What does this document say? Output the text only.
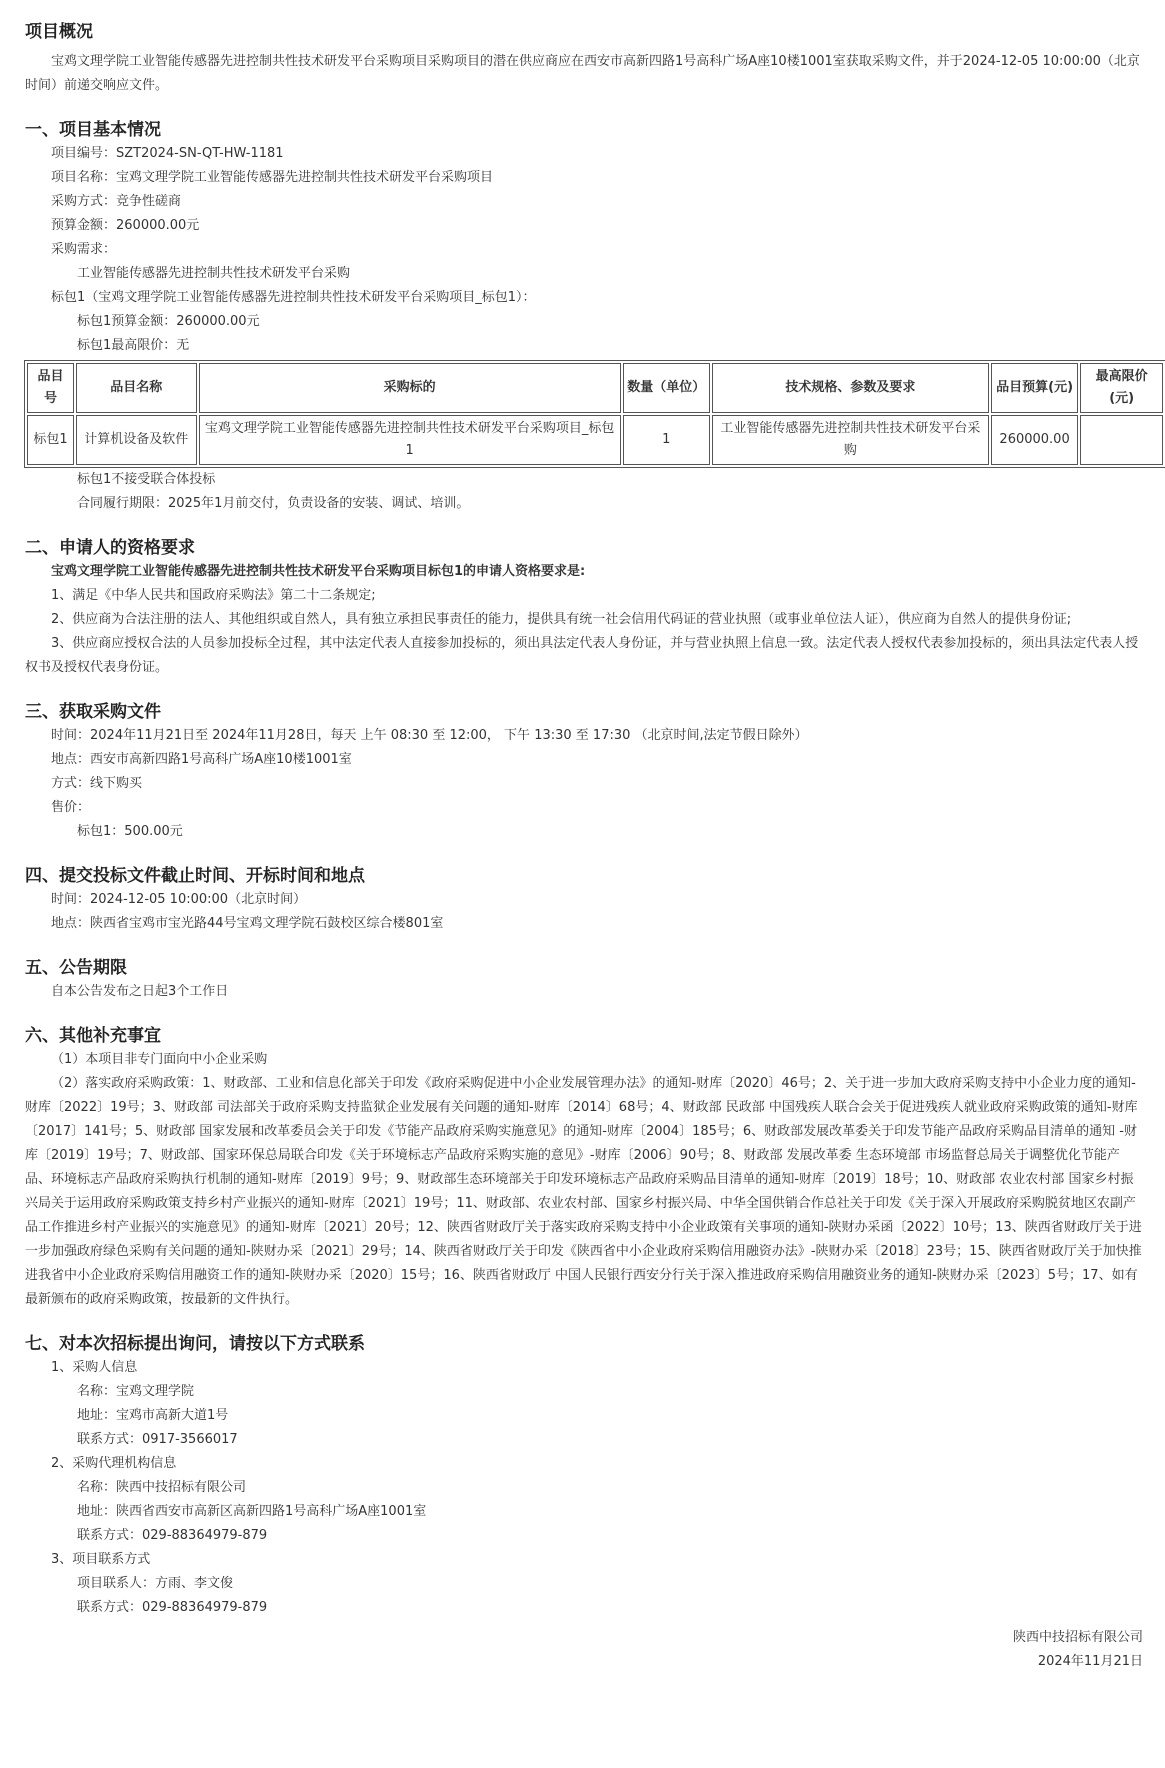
项目概况

宝鸡文理学院工业智能传感器先进控制共性技术研发平台采购项目采购项目的潜在供应商应在西安市高新四路1号高科广场A座10楼1001室获取采购文件，并于2024-12-05 10:00:00（北京时间）前递交响应文件。

一、项目基本情况

项目编号：SZT2024-SN-QT-HW-1181

项目名称：宝鸡文理学院工业智能传感器先进控制共性技术研发平台采购项目

采购方式：竞争性磋商

预算金额：260000.00元

采购需求：

工业智能传感器先进控制共性技术研发平台采购

标包1（宝鸡文理学院工业智能传感器先进控制共性技术研发平台采购项目_标包1）：

标包1预算金额：260000.00元

标包1最高限价：无

品目号	品目名称	采购标的	数量（单位）	技术规格、参数及要求	品目预算(元)	最高限价(元)
标包1	计算机设备及软件	宝鸡文理学院工业智能传感器先进控制共性技术研发平台采购项目_标包1	1	工业智能传感器先进控制共性技术研发平台采购	260000.00	

标包1不接受联合体投标

合同履行期限：2025年1月前交付，负责设备的安装、调试、培训。

二、申请人的资格要求

宝鸡文理学院工业智能传感器先进控制共性技术研发平台采购项目标包1的申请人资格要求是:

1、满足《中华人民共和国政府采购法》第二十二条规定;

2、供应商为合法注册的法人、其他组织或自然人，具有独立承担民事责任的能力，提供具有统一社会信用代码证的营业执照（或事业单位法人证），供应商为自然人的提供身份证;

3、供应商应授权合法的人员参加投标全过程，其中法定代表人直接参加投标的，须出具法定代表人身份证，并与营业执照上信息一致。法定代表人授权代表参加投标的，须出具法定代表人授权书及授权代表身份证。

三、获取采购文件

时间：2024年11月21日至 2024年11月28日，每天 上午 08:30 至 12:00， 下午 13:30 至 17:30 （北京时间,法定节假日除外）

地点：西安市高新四路1号高科广场A座10楼1001室

方式：线下购买

售价：

标包1：500.00元

四、提交投标文件截止时间、开标时间和地点

时间：2024-12-05 10:00:00（北京时间）

地点：陕西省宝鸡市宝光路44号宝鸡文理学院石鼓校区综合楼801室

五、公告期限

自本公告发布之日起3个工作日

六、其他补充事宜

（1）本项目非专门面向中小企业采购

（2）落实政府采购政策：1、财政部、工业和信息化部关于印发《政府采购促进中小企业发展管理办法》的通知-财库〔2020〕46号；2、关于进一步加大政府采购支持中小企业力度的通知-财库〔2022〕19号；3、财政部 司法部关于政府采购支持监狱企业发展有关问题的通知-财库〔2014〕68号；4、财政部 民政部 中国残疾人联合会关于促进残疾人就业政府采购政策的通知-财库〔2017〕141号；5、财政部 国家发展和改革委员会关于印发《节能产品政府采购实施意见》的通知-财库〔2004〕185号；6、财政部发展改革委关于印发节能产品政府采购品目清单的通知 -财库〔2019〕19号；7、财政部、国家环保总局联合印发《关于环境标志产品政府采购实施的意见》-财库〔2006〕90号；8、财政部 发展改革委 生态环境部 市场监督总局关于调整优化节能产品、环境标志产品政府采购执行机制的通知-财库〔2019〕9号；9、财政部生态环境部关于印发环境标志产品政府采购品目清单的通知-财库〔2019〕18号；10、财政部 农业农村部 国家乡村振兴局关于运用政府采购政策支持乡村产业振兴的通知-财库〔2021〕19号；11、财政部、农业农村部、国家乡村振兴局、中华全国供销合作总社关于印发《关于深入开展政府采购脱贫地区农副产品工作推进乡村产业振兴的实施意见》的通知-财库〔2021〕20号；12、陕西省财政厅关于落实政府采购支持中小企业政策有关事项的通知-陕财办采函〔2022〕10号；13、陕西省财政厅关于进一步加强政府绿色采购有关问题的通知-陕财办采〔2021〕29号；14、陕西省财政厅关于印发《陕西省中小企业政府采购信用融资办法》-陕财办采〔2018〕23号；15、陕西省财政厅关于加快推进我省中小企业政府采购信用融资工作的通知-陕财办采〔2020〕15号；16、陕西省财政厅 中国人民银行西安分行关于深入推进政府采购信用融资业务的通知-陕财办采〔2023〕5号；17、如有最新颁布的政府采购政策，按最新的文件执行。

七、对本次招标提出询问，请按以下方式联系

1、采购人信息

名称：宝鸡文理学院

地址：宝鸡市高新大道1号

联系方式：0917-3566017

2、采购代理机构信息

名称：陕西中技招标有限公司

地址：陕西省西安市高新区高新四路1号高科广场A座1001室

联系方式：029-88364979-879

3、项目联系方式

项目联系人：方雨、李文俊

联系方式：029-88364979-879

陕西中技招标有限公司

2024年11月21日
